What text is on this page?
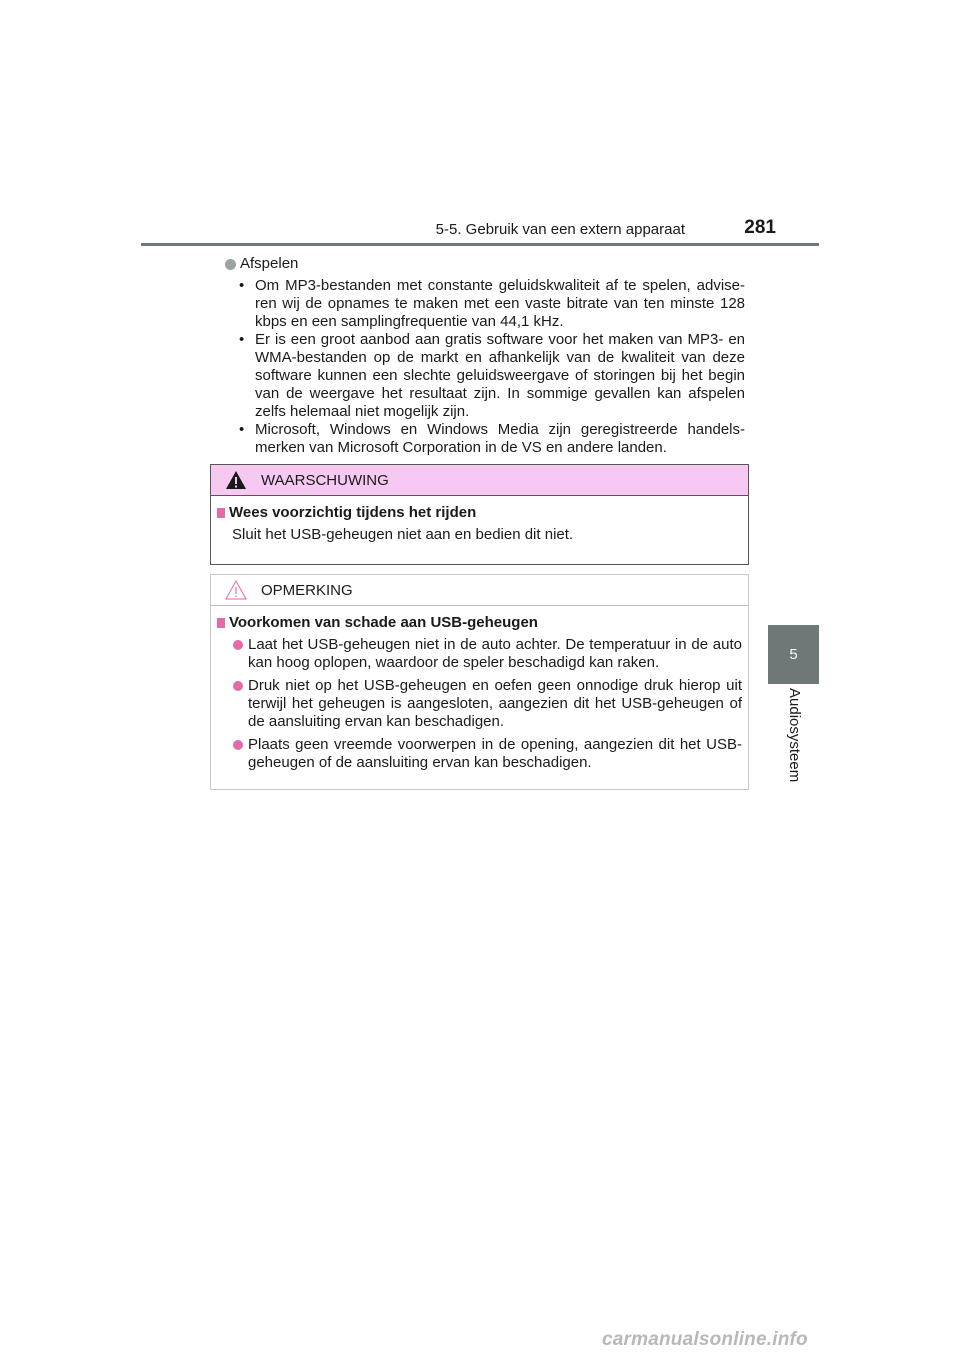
5-5. Gebruik van een extern apparaat	281
5
Audiosysteem
Afspelen
• Om MP3-bestanden met constante geluidskwaliteit af te spelen, advise-ren wij de opnames te maken met een vaste bitrate van ten minste 128 kbps en een samplingfrequentie van 44,1 kHz.
• Er is een groot aanbod aan gratis software voor het maken van MP3- en WMA-bestanden op de markt en afhankelijk van de kwaliteit van deze software kunnen een slechte geluidsweergave of storingen bij het begin van de weergave het resultaat zijn. In sommige gevallen kan afspelen zelfs helemaal niet mogelijk zijn.
• Microsoft, Windows en Windows Media zijn geregistreerde handels-merken van Microsoft Corporation in de VS en andere landen.
WAARSCHUWING
Wees voorzichtig tijdens het rijden
Sluit het USB-geheugen niet aan en bedien dit niet.
OPMERKING
Voorkomen van schade aan USB-geheugen
Laat het USB-geheugen niet in de auto achter. De temperatuur in de auto kan hoog oplopen, waardoor de speler beschadigd kan raken.
Druk niet op het USB-geheugen en oefen geen onnodige druk hierop uit terwijl het geheugen is aangesloten, aangezien dit het USB-geheugen of de aansluiting ervan kan beschadigen.
Plaats geen vreemde voorwerpen in de opening, aangezien dit het USB-geheugen of de aansluiting ervan kan beschadigen.
carmanualsonline.info
